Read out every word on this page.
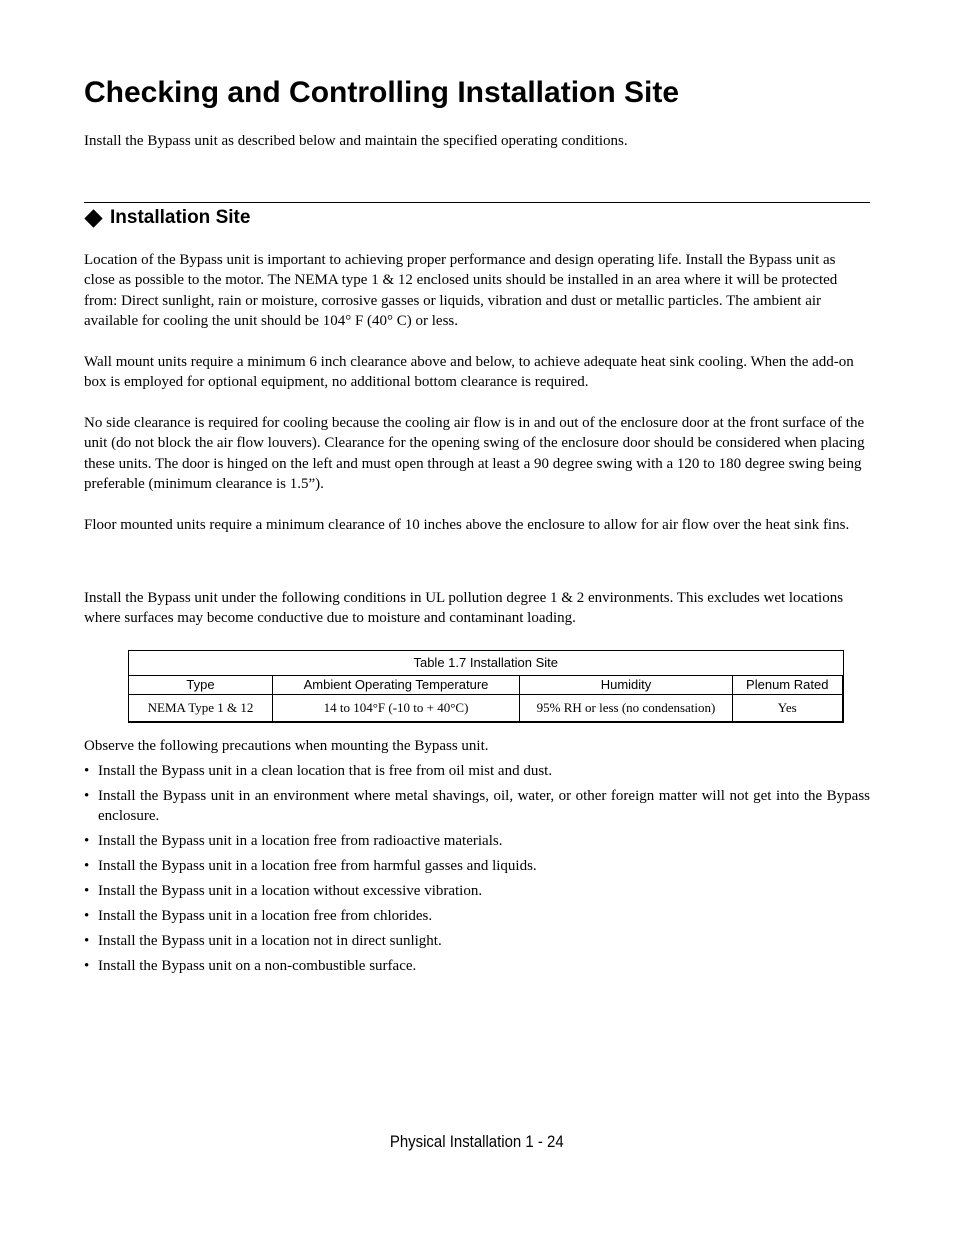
Checking and Controlling Installation Site
Install the Bypass unit as described below and maintain the specified operating conditions.
Installation Site

Location of the Bypass unit is important to achieving proper performance and design operating life. Install the Bypass unit as close as possible to the motor. The NEMA type 1 & 12 enclosed units should be installed in an area where it will be protected from: Direct sunlight, rain or moisture, corrosive gasses or liquids, vibration and dust or metallic particles. The ambient air available for cooling the unit should be 104° F (40° C) or less.

Wall mount units require a minimum 6 inch clearance above and below, to achieve adequate heat sink cooling. When the add-on box is employed for optional equipment, no additional bottom clearance is required.

No side clearance is required for cooling because the cooling air flow is in and out of the enclosure door at the front surface of the unit (do not block the air flow louvers). Clearance for the opening swing of the enclosure door should be considered when placing these units. The door is hinged on the left and must open through at least a 90 degree swing with a 120 to 180 degree swing being preferable (minimum clearance is 1.5”).

Floor mounted units require a minimum clearance of 10 inches above the enclosure to allow for air flow over the heat sink fins.

Install the Bypass unit under the following conditions in UL pollution degree 1 & 2 environments. This excludes wet locations where surfaces may become conductive due to moisture and contaminant loading.

Table 1.7 Installation Site
Type	Ambient Operating Temperature	Humidity	Plenum Rated
NEMA Type 1 & 12	14 to 104°F (-10 to + 40°C)	95% RH or less (no condensation)	Yes

Observe the following precautions when mounting the Bypass unit.

• Install the Bypass unit in a clean location that is free from oil mist and dust.
• Install the Bypass unit in an environment where metal shavings, oil, water, or other foreign matter will not get into the Bypass enclosure.
• Install the Bypass unit in a location free from radioactive materials.
• Install the Bypass unit in a location free from harmful gasses and liquids.
• Install the Bypass unit in a location without excessive vibration.
• Install the Bypass unit in a location free from chlorides.
• Install the Bypass unit in a location not in direct sunlight.
• Install the Bypass unit on a non-combustible surface.
Physical Installation 1 - 24
